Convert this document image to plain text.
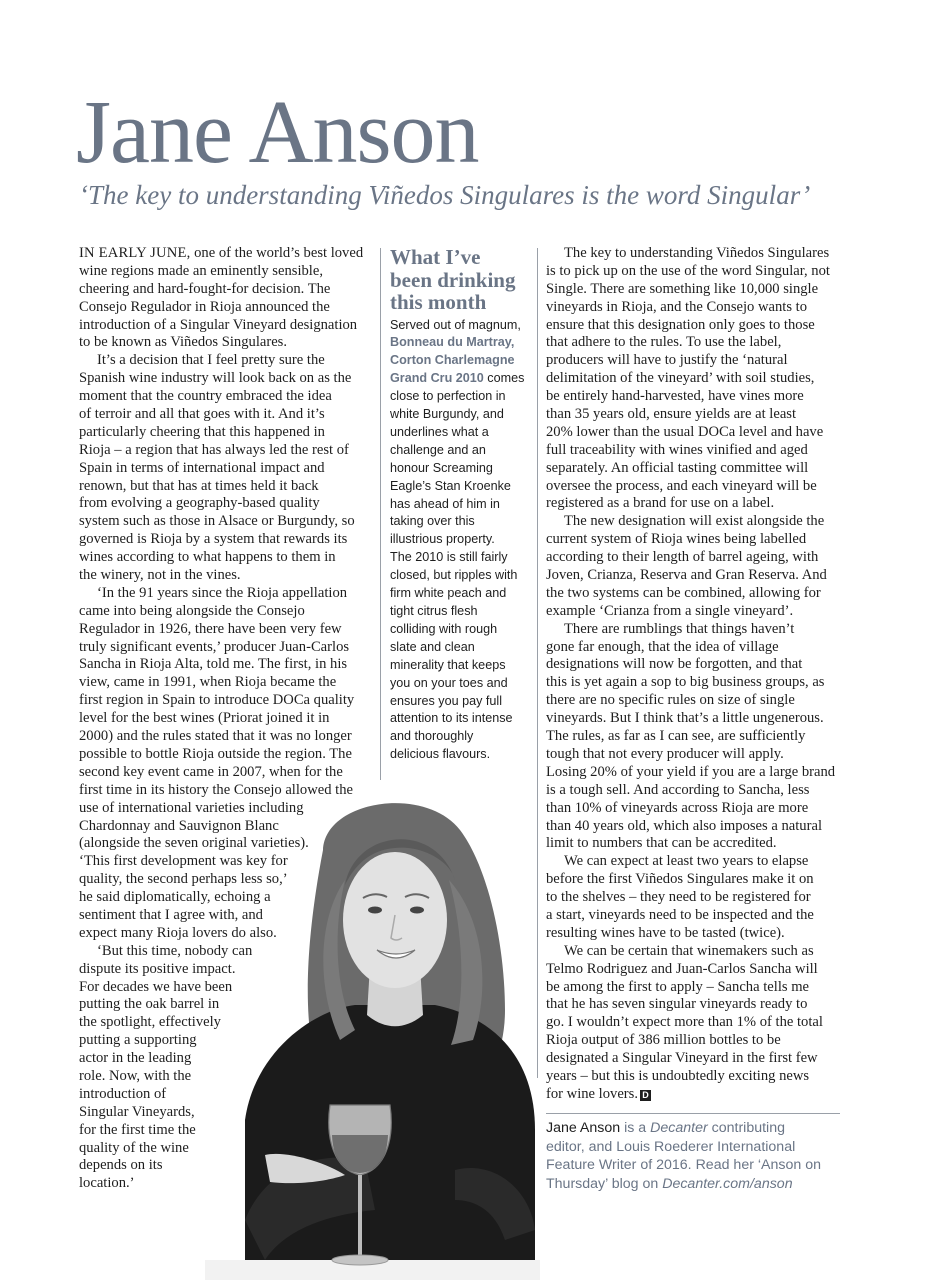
Jane Anson
‘The key to understanding Viñedos Singulares is the word Singular’
IN EARLY JUNE, one of the world’s best loved
wine regions made an eminently sensible,
cheering and hard-fought-for decision. The
Consejo Regulador in Rioja announced the
introduction of a Singular Vineyard designation
to be known as Viñedos Singulares.
It’s a decision that I feel pretty sure the
Spanish wine industry will look back on as the
moment that the country embraced the idea
of terroir and all that goes with it. And it’s
particularly cheering that this happened in
Rioja – a region that has always led the rest of
Spain in terms of international impact and
renown, but that has at times held it back
from evolving a geography-based quality
system such as those in Alsace or Burgundy, so
governed is Rioja by a system that rewards its
wines according to what happens to them in
the winery, not in the vines.
‘In the 91 years since the Rioja appellation
came into being alongside the Consejo
Regulador in 1926, there have been very few
truly significant events,’ producer Juan-Carlos
Sancha in Rioja Alta, told me. The first, in his
view, came in 1991, when Rioja became the
first region in Spain to introduce DOCa quality
level for the best wines (Priorat joined it in
2000) and the rules stated that it was no longer
possible to bottle Rioja outside the region. The
second key event came in 2007, when for the
first time in its history the Consejo allowed the
use of international varieties including
Chardonnay and Sauvignon Blanc
(alongside the seven original varieties).
‘This first development was key for
quality, the second perhaps less so,’
he said diplomatically, echoing a
sentiment that I agree with, and
expect many Rioja lovers do also.
‘But this time, nobody can
dispute its positive impact.
For decades we have been
putting the oak barrel in
the spotlight, effectively
putting a supporting
actor in the leading
role. Now, with the
introduction of
Singular Vineyards,
for the first time the
quality of the wine
depends on its
location.’
What I’ve
been drinking
this month
Served out of magnum,
Bonneau du Martray,
Corton Charlemagne
Grand Cru 2010 comes
close to perfection in
white Burgundy, and
underlines what a
challenge and an
honour Screaming
Eagle’s Stan Kroenke
has ahead of him in
taking over this
illustrious property.
The 2010 is still fairly
closed, but ripples with
firm white peach and
tight citrus flesh
colliding with rough
slate and clean
minerality that keeps
you on your toes and
ensures you pay full
attention to its intense
and thoroughly
delicious flavours.
The key to understanding Viñedos Singulares
is to pick up on the use of the word Singular, not
Single. There are something like 10,000 single
vineyards in Rioja, and the Consejo wants to
ensure that this designation only goes to those
that adhere to the rules. To use the label,
producers will have to justify the ‘natural
delimitation of the vineyard’ with soil studies,
be entirely hand-harvested, have vines more
than 35 years old, ensure yields are at least
20% lower than the usual DOCa level and have
full traceability with wines vinified and aged
separately. An official tasting committee will
oversee the process, and each vineyard will be
registered as a brand for use on a label.
The new designation will exist alongside the
current system of Rioja wines being labelled
according to their length of barrel ageing, with
Joven, Crianza, Reserva and Gran Reserva. And
the two systems can be combined, allowing for
example ‘Crianza from a single vineyard’.
There are rumblings that things haven’t
gone far enough, that the idea of village
designations will now be forgotten, and that
this is yet again a sop to big business groups, as
there are no specific rules on size of single
vineyards. But I think that’s a little ungenerous.
The rules, as far as I can see, are sufficiently
tough that not every producer will apply.
Losing 20% of your yield if you are a large brand
is a tough sell. And according to Sancha, less
than 10% of vineyards across Rioja are more
than 40 years old, which also imposes a natural
limit to numbers that can be accredited.
We can expect at least two years to elapse
before the first Viñedos Singulares make it on
to the shelves – they need to be registered for
a start, vineyards need to be inspected and the
resulting wines have to be tasted (twice).
We can be certain that winemakers such as
Telmo Rodriguez and Juan-Carlos Sancha will
be among the first to apply – Sancha tells me
that he has seven singular vineyards ready to
go. I wouldn’t expect more than 1% of the total
Rioja output of 386 million bottles to be
designated a Singular Vineyard in the first few
years – but this is undoubtedly exciting news
for wine lovers. D
Jane Anson is a Decanter contributing
editor, and Louis Roederer International
Feature Writer of 2016. Read her ‘Anson on
Thursday’ blog on Decanter.com/anson
